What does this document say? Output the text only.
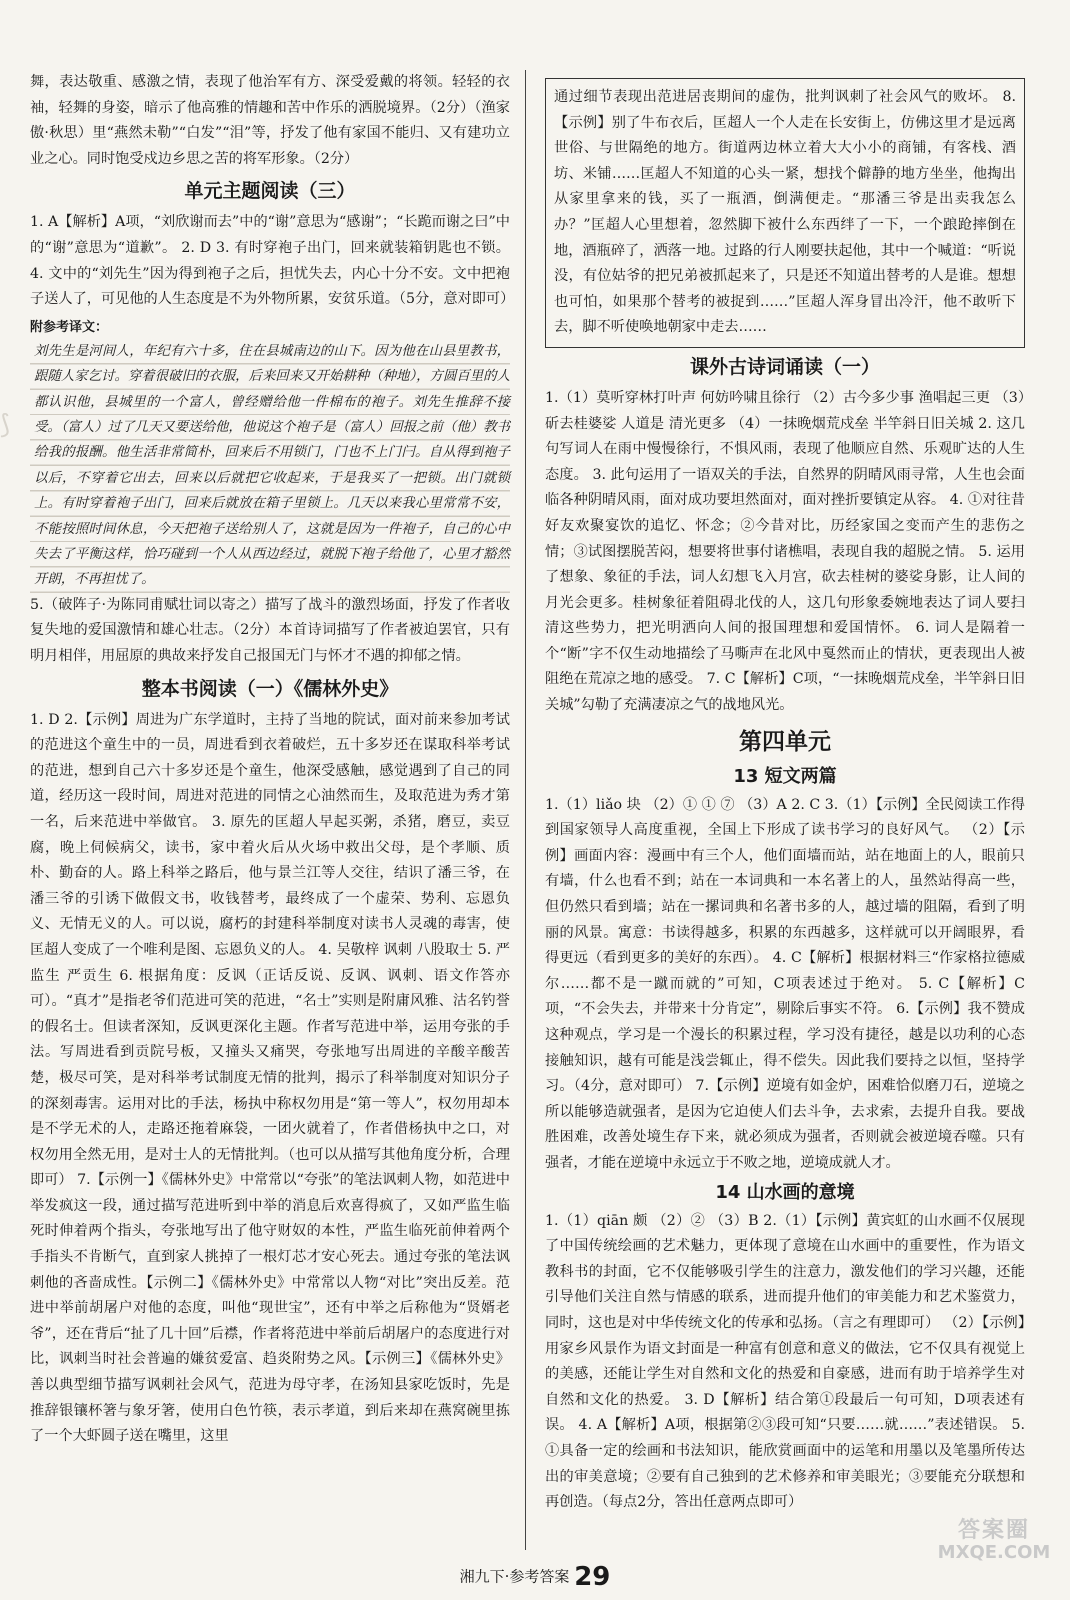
⟆

舞，表达敬重、感激之情，表现了他治军有方、深受爱戴的将领。轻轻的衣袖，轻舞的身姿，暗示了他高雅的情趣和苦中作乐的洒脱境界。（2分）（渔家傲·秋思）里“燕然未勒”“白发”“泪”等，抒发了他有家国不能归、又有建功立业之心。同时饱受戍边乡思之苦的将军形象。（2分）

单元主题阅读（三）

1. A【解析】A项，“刘欣谢而去”中的“谢”意思为“感谢”；“长跪而谢之曰”中的“谢”意思为“道歉”。 2. D 3. 有时穿袍子出门，回来就装箱钥匙也不锁。 4. 文中的“刘先生”因为得到袍子之后，担忧失去，内心十分不安。文中把袍子送人了，可见他的人生态度是不为外物所累，安贫乐道。（5分，意对即可）

附参考译文：

刘先生是河间人，年纪有六十多，住在县城南边的山下。因为他在山县里教书，跟随人家乞讨。穿着很破旧的衣服，后来回来又开始耕种（种地），方圆百里的人都认识他，县城里的一个富人，曾经赠给他一件棉布的袍子。刘先生推辞不接受。（富人）过了几天又要送给他，他说这个袍子是（富人）回报之前（他）教书给我的报酬。他生活非常简朴，回来后不用锁门，门也不上门闩。自从得到袍子以后，不穿着它出去，回来以后就把它收起来，于是我买了一把锁。出门就锁上。有时穿着袍子出门，回来后就放在箱子里锁上。几天以来我心里常常不安，不能按照时间休息，今天把袍子送给别人了，这就是因为一件袍子，自己的心中失去了平衡这样，恰巧碰到一个人从西边经过，就脱下袍子给他了，心里才豁然开朗，不再担忧了。

5.（破阵子·为陈同甫赋壮词以寄之）描写了战斗的激烈场面，抒发了作者收复失地的爱国激情和雄心壮志。（2分）本首诗词描写了作者被迫罢官，只有明月相伴，用屈原的典故来抒发自己报国无门与怀才不遇的抑郁之情。

整本书阅读（一）《儒林外史》

1. D 2.【示例】周进为广东学道时，主持了当地的院试，面对前来参加考试的范进这个童生中的一员，周进看到衣着破烂，五十多岁还在谋取科举考试的范进，想到自己六十多岁还是个童生，他深受感触，感觉遇到了自己的同道，经历这一段时间，周进对范进的同情之心油然而生，及取范进为秀才第一名，后来范进中举做官。 3. 原先的匡超人早起买粥，杀猪，磨豆，卖豆腐，晚上伺候病父，读书，家中着火后从火场中救出父母，是个孝顺、质朴、勤奋的人。路上科举之路后，他与景兰江等人交往，结识了潘三爷，在潘三爷的引诱下做假文书，收钱替考，最终成了一个虚荣、势利、忘恩负义、无情无义的人。可以说，腐朽的封建科举制度对读书人灵魂的毒害，使匡超人变成了一个唯利是图、忘恩负义的人。 4. 吴敬梓 讽刺 八股取士 5. 严监生 严贡生 6. 根据角度：反讽（正话反说、反讽、讽刺、语文作答亦可）。“真才”是指老爷们范进可笑的范进，“名士”实则是附庸风雅、沽名钓誉的假名士。但读者深知，反讽更深化主题。作者写范进中举，运用夸张的手法。写周进看到贡院号板，又撞头又痛哭，夸张地写出周进的辛酸辛酸苦楚，极尽可笑，是对科举考试制度无情的批判，揭示了科举制度对知识分子的深刻毒害。运用对比的手法，杨执中称权勿用是“第一等人”，权勿用却本是不学无术的人，走路还拖着麻袋，一团火就着了，作者借杨执中之口，对权勿用全然无用，是对士人的无情批判。（也可以从描写其他角度分析，合理即可） 7.【示例一】《儒林外史》中常常以“夸张”的笔法讽刺人物，如范进中举发疯这一段，通过描写范进听到中举的消息后欢喜得疯了，又如严监生临死时伸着两个指头，夸张地写出了他守财奴的本性，严监生临死前伸着两个手指头不肯断气，直到家人挑掉了一根灯芯才安心死去。通过夸张的笔法讽刺他的吝啬成性。【示例二】《儒林外史》中常常以人物“对比”突出反差。范进中举前胡屠户对他的态度，叫他“现世宝”，还有中举之后称他为“贤婿老爷”，还在背后“扯了几十回”后襟，作者将范进中举前后胡屠户的态度进行对比，讽刺当时社会普遍的嫌贫爱富、趋炎附势之风。【示例三】《儒林外史》善以典型细节描写讽刺社会风气，范进为母守孝，在汤知县家吃饭时，先是推辞银镶杯箸与象牙箸，使用白色竹筷，表示孝道，到后来却在燕窝碗里拣了一个大虾圆子送在嘴里，这里

通过细节表现出范进居丧期间的虚伪，批判讽刺了社会风气的败坏。 8.【示例】别了牛布衣后，匡超人一个人走在长安街上，仿佛这里才是远离世俗、与世隔绝的地方。街道两边林立着大大小小的商铺，有客栈、酒坊、米铺……匡超人不知道的心头一紧，想找个僻静的地方坐坐，他掏出从家里拿来的钱，买了一瓶酒，倒满便走。“那潘三爷是出卖我怎么办？”匡超人心里想着，忽然脚下被什么东西绊了一下，一个踉跄摔倒在地，酒瓶碎了，洒落一地。过路的行人刚要扶起他，其中一个喊道：“听说没，有位姑爷的把兄弟被抓起来了，只是还不知道出替考的人是谁。想想也可怕，如果那个替考的被捉到……”匡超人浑身冒出冷汗，他不敢听下去，脚不听使唤地朝家中走去……

课外古诗词诵读（一）

1.（1）莫听穿林打叶声 何妨吟啸且徐行 （2）古今多少事 渔唱起三更 （3）斫去桂婆娑 人道是 清光更多 （4）一抹晚烟荒戍垒 半竿斜日旧关城 2. 这几句写词人在雨中慢慢徐行，不惧风雨，表现了他顺应自然、乐观旷达的人生态度。 3. 此句运用了一语双关的手法，自然界的阴晴风雨寻常，人生也会面临各种阴晴风雨，面对成功要坦然面对，面对挫折要镇定从容。 4. ①对往昔好友欢聚宴饮的追忆、怀念；②今昔对比，历经家国之变而产生的悲伤之情；③试图摆脱苦闷，想要将世事付诸樵唱，表现自我的超脱之情。 5. 运用了想象、象征的手法，词人幻想飞入月宫，砍去桂树的婆娑身影，让人间的月光会更多。桂树象征着阻碍北伐的人，这几句形象委婉地表达了词人要扫清这些势力，把光明洒向人间的报国理想和爱国情怀。 6. 词人是隔着一个“断”字不仅生动地描绘了马嘶声在北风中戛然而止的情状，更表现出人被阻绝在荒凉之地的感受。 7. C【解析】C项，“一抹晚烟荒戍垒，半竿斜日旧关城”勾勒了充满凄凉之气的战地风光。

第四单元
13 短文两篇

1.（1）liǎo 块 （2）① ① ⑦ （3）A 2. C 3.（1）【示例】全民阅读工作得到国家领导人高度重视，全国上下形成了读书学习的良好风气。 （2）【示例】画面内容：漫画中有三个人，他们面墙而站，站在地面上的人，眼前只有墙，什么也看不到；站在一本词典和一本名著上的人，虽然站得高一些，但仍然只看到墙；站在一摞词典和名著书多的人，越过墙的阻隔，看到了明丽的风景。寓意：书读得越多，积累的东西越多，这样就可以开阔眼界，看得更远（看到更多的美好的东西）。 4. C【解析】根据材料三“作家格拉德威尔……都不是一蹴而就的”可知，C项表述过于绝对。 5. C【解析】C项，“不会失去，并带来十分肯定”，剔除后事实不符。 6.【示例】我不赞成这种观点，学习是一个漫长的积累过程，学习没有捷径，越是以功利的心态接触知识，越有可能是浅尝辄止，得不偿失。因此我们要持之以恒，坚持学习。（4分，意对即可） 7.【示例】逆境有如金炉，困难恰似磨刀石，逆境之所以能够造就强者，是因为它迫使人们去斗争，去求索，去提升自我。要战胜困难，改善处境生存下来，就必须成为强者，否则就会被逆境吞噬。只有强者，才能在逆境中永远立于不败之地，逆境成就人才。

14 山水画的意境

1.（1）qiān 颇 （2）② （3）B 2.（1）【示例】黄宾虹的山水画不仅展现了中国传统绘画的艺术魅力，更体现了意境在山水画中的重要性，作为语文教科书的封面，它不仅能够吸引学生的注意力，激发他们的学习兴趣，还能引导他们关注自然与情感的联系，进而提升他们的审美能力和艺术鉴赏力，同时，这也是对中华传统文化的传承和弘扬。（言之有理即可） （2）【示例】用家乡风景作为语文封面是一种富有创意和意义的做法，它不仅具有视觉上的美感，还能让学生对自然和文化的热爱和自豪感，进而有助于培养学生对自然和文化的热爱。 3. D【解析】结合第①段最后一句可知，D项表述有误。 4. A【解析】A项，根据第②③段可知“只要……就……”表述错误。 5. ①具备一定的绘画和书法知识，能欣赏画面中的运笔和用墨以及笔墨所传达出的审美意境；②要有自己独到的艺术修养和审美眼光；③要能充分联想和再创造。（每点2分，答出任意两点即可）

湘九下·参考答案 29
答案圈
MXQE.COM
